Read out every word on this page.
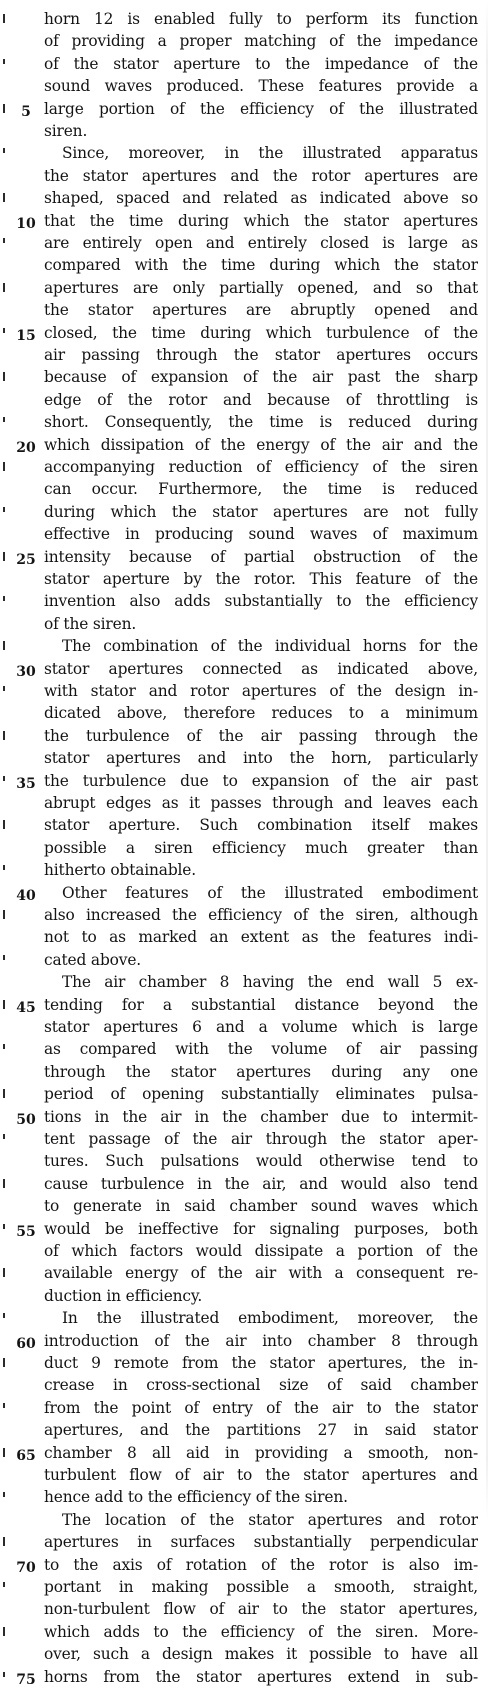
horn 12 is enabled fully to perform its function
of providing a proper matching of the impedance
of the stator aperture to the impedance of the
sound waves produced. These features provide a
large portion of the efficiency of the illustrated
siren.
Since, moreover, in the illustrated apparatus
the stator apertures and the rotor apertures are
shaped, spaced and related as indicated above so
that the time during which the stator apertures
are entirely open and entirely closed is large as
compared with the time during which the stator
apertures are only partially opened, and so that
the stator apertures are abruptly opened and
closed, the time during which turbulence of the
air passing through the stator apertures occurs
because of expansion of the air past the sharp
edge of the rotor and because of throttling is
short. Consequently, the time is reduced during
which dissipation of the energy of the air and the
accompanying reduction of efficiency of the siren
can occur. Furthermore, the time is reduced
during which the stator apertures are not fully
effective in producing sound waves of maximum
intensity because of partial obstruction of the
stator aperture by the rotor. This feature of the
invention also adds substantially to the efficiency
of the siren.
The combination of the individual horns for the
stator apertures connected as indicated above,
with stator and rotor apertures of the design in-
dicated above, therefore reduces to a minimum
the turbulence of the air passing through the
stator apertures and into the horn, particularly
the turbulence due to expansion of the air past
abrupt edges as it passes through and leaves each
stator aperture. Such combination itself makes
possible a siren efficiency much greater than
hitherto obtainable.
Other features of the illustrated embodiment
also increased the efficiency of the siren, although
not to as marked an extent as the features indi-
cated above.
The air chamber 8 having the end wall 5 ex-
tending for a substantial distance beyond the
stator apertures 6 and a volume which is large
as compared with the volume of air passing
through the stator apertures during any one
period of opening substantially eliminates pulsa-
tions in the air in the chamber due to intermit-
tent passage of the air through the stator aper-
tures. Such pulsations would otherwise tend to
cause turbulence in the air, and would also tend
to generate in said chamber sound waves which
would be ineffective for signaling purposes, both
of which factors would dissipate a portion of the
available energy of the air with a consequent re-
duction in efficiency.
In the illustrated embodiment, moreover, the
introduction of the air into chamber 8 through
duct 9 remote from the stator apertures, the in-
crease in cross-sectional size of said chamber
from the point of entry of the air to the stator
apertures, and the partitions 27 in said stator
chamber 8 all aid in providing a smooth, non-
turbulent flow of air to the stator apertures and
hence add to the efficiency of the siren.
The location of the stator apertures and rotor
apertures in surfaces substantially perpendicular
to the axis of rotation of the rotor is also im-
portant in making possible a smooth, straight,
non-turbulent flow of air to the stator apertures,
which adds to the efficiency of the siren. More-
over, such a design makes it possible to have all
horns from the stator apertures extend in sub-
5
10
15
20
25
30
35
40
45
50
55
60
65
70
75
